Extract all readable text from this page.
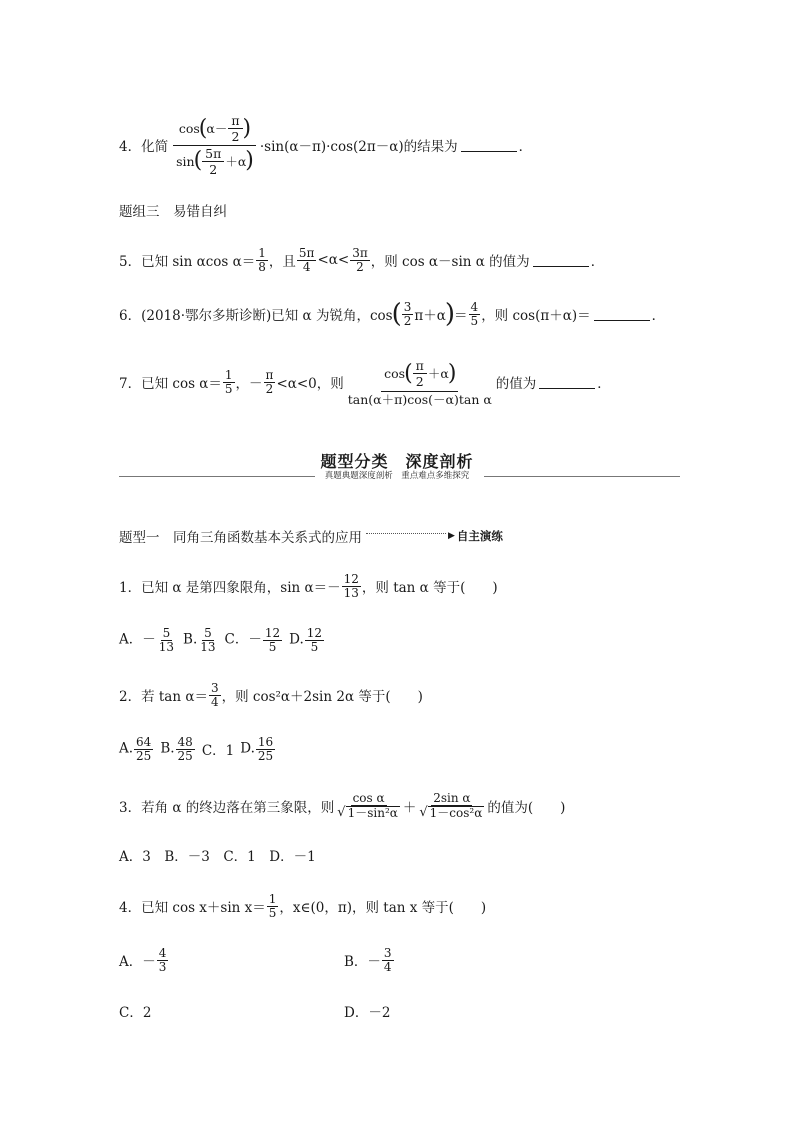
4．化简 $\frac{\cos ( \alpha- \frac{\pi}{2} )}{\sin ( \frac{5\pi}{2} +\alpha )} \cdot\sin(\alpha-\pi)\cdot\cos(2\pi-\alpha)$ 的结果为	．
题组三　易错自纠
5．已知 sin αcos $\alpha= \frac{1}{8}$ ，且 $\frac{5\pi}{4} <\alpha< \frac{3\pi}{2}$ ，则 cos α－sin α 的值为	．
6．(2018·鄂尔多斯诊断)已知 α 为锐角，cos ( $\frac{3}{2} \pi+\alpha$ ) ＝ $\frac{4}{5}$ ，则 cos(π＋α)＝	．
7．已知 $\cos \alpha= \frac{1}{5}$ ，－ $\frac{\pi}{2} <\alpha<0$，则 $\frac{\cos ( \frac{\pi}{2} +\alpha )}{\text{tan(α＋π)cos(－α)tan α}}$ 的值为	．
题型分类　深度剖析
真题典题深度剖析　重点难点多维探究
题型一　同角三角函数基本关系式的应用	▶ 自主演练
1．已知 α 是第四象限角，$\sin \alpha=- \frac{12}{13}$ ，则 tan α 等于(　　)
A．－ $\frac{5}{13} B$. $\frac{5}{13}$ C．－ $\frac{12}{5} D$. $\frac{12}{5}$
2．若 $\tan \alpha= \frac{3}{4}$ ，则 cos²α＋2sin 2α 等于(　　)
A. $\frac{64}{25} B$. $\frac{48}{25}$ C．1 D. $\frac{16}{25}$
3．若角 α 的终边落在第三象限，则 $\frac{\text{cos α}}{\text{√ 1－sin²α}} + \frac{\text{2sin α}}{\text{√ 1－cos²α}}$ 的值为(　　)
A．3　B．－3　C．1　D．－1
4．已知 cos x＋sin $x= \frac{1}{5}$ ，x∈(0，π)，则 tan x 等于(　　)
A．－ $\frac{4}{3}$	B．－ $\frac{3}{4}$
C．2	D．－2
